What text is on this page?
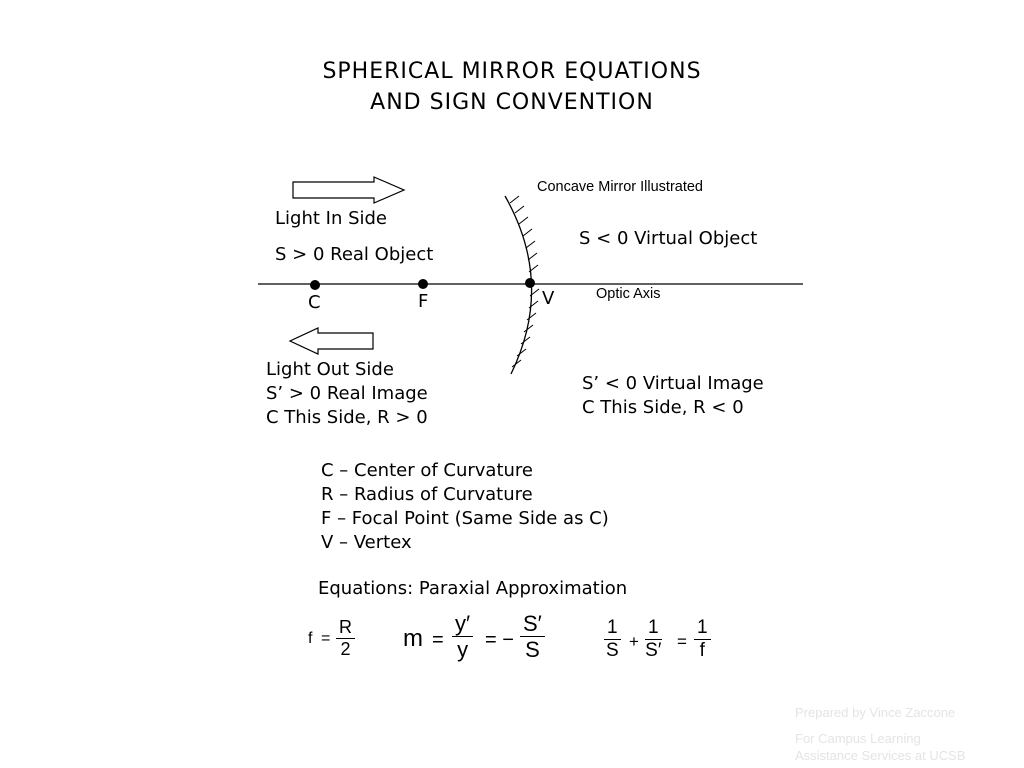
SPHERICAL MIRROR EQUATIONS
AND SIGN CONVENTION
Concave Mirror Illustrated
Light In Side
S > 0 Real Object
S < 0 Virtual Object
C	F	V	Optic Axis
Light Out Side
S’ > 0 Real Image
C This Side, R > 0
S’ < 0 Virtual Image
C This Side, R < 0
C – Center of Curvature
R – Radius of Curvature
F – Focal Point (Same Side as C)
V – Vertex
Equations: Paraxial Approximation
$f = \frac{R}{2}$ $m = \frac{y'}{y}$ = − $\frac{S'}{S}$	$\frac{1}{S} + \frac{1}{S'} = \frac{1}{f}$
Prepared by Vince Zaccone
For Campus Learning
Assistance Services at UCSB
